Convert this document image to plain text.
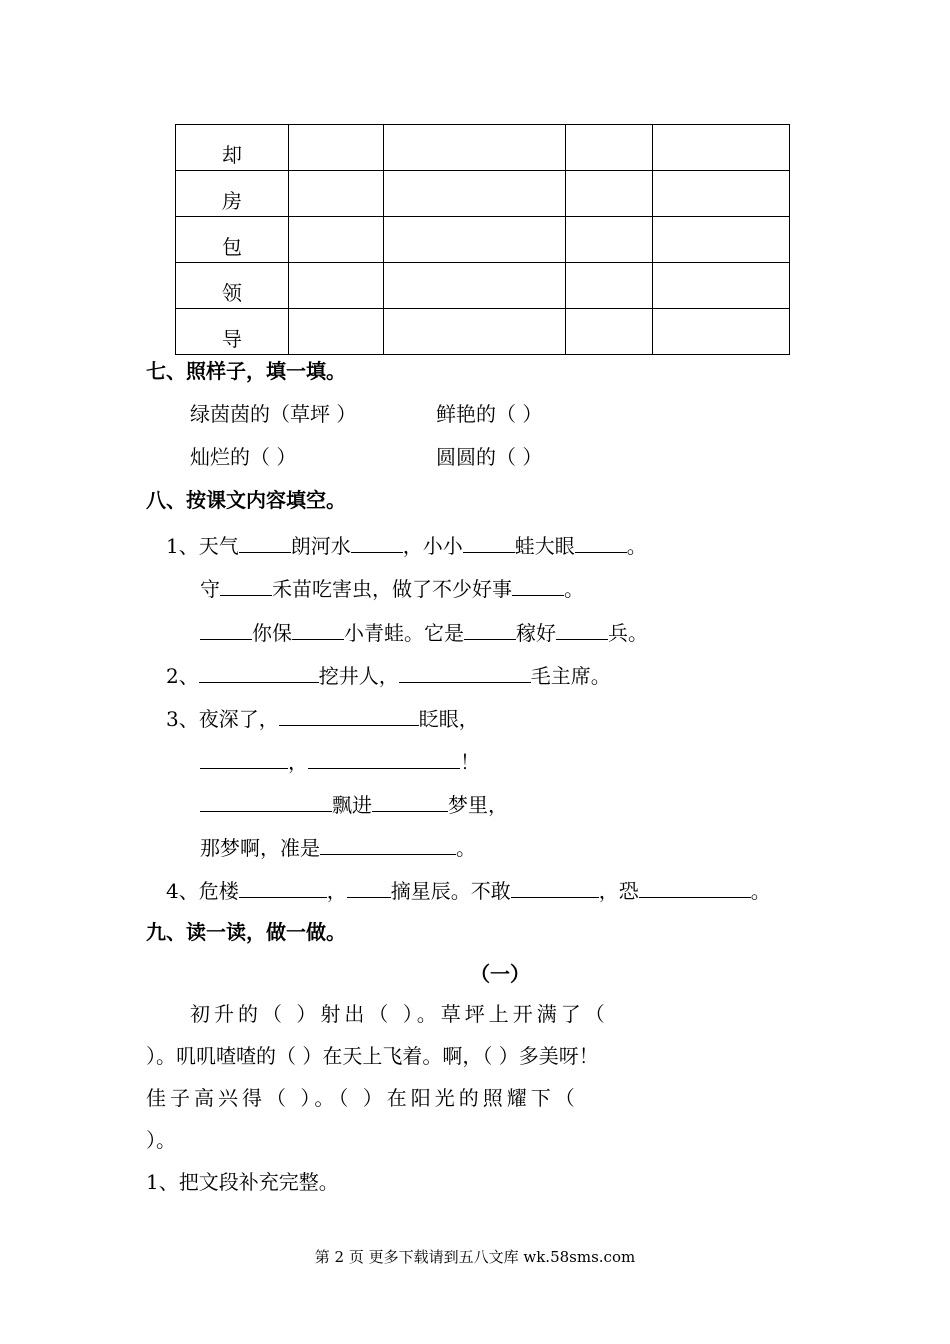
却				
房				
包				
领				
导				
七、照样子，填一填。
绿茵茵的（草坪 ）	鲜艳的（ ）
灿烂的（ ）	圆圆的（ ）
八、按课文内容填空。
1、天气	朗河水	，小小	蛙大眼	。
守	禾苗吃害虫，做了不少好事	。
你保	小青蛙。它是	稼好	兵。
2、	挖井人，	毛主席。
3、夜深了，	眨眼，
，	！
飘进	梦里，
那梦啊，准是	。
4、危楼	， 摘星辰。不敢	，恐	。
九、读一读，做一做。
（一）
初升的（ ）射出（ ）。草坪上开满了（
）。叽叽喳喳的（ ）在天上飞着。啊，（ ）多美呀！
佳子高兴得（ ）。（ ）在阳光的照耀下（
）。
1、把文段补充完整。
第 2 页 更多下载请到五八文库 wk.58sms.com
